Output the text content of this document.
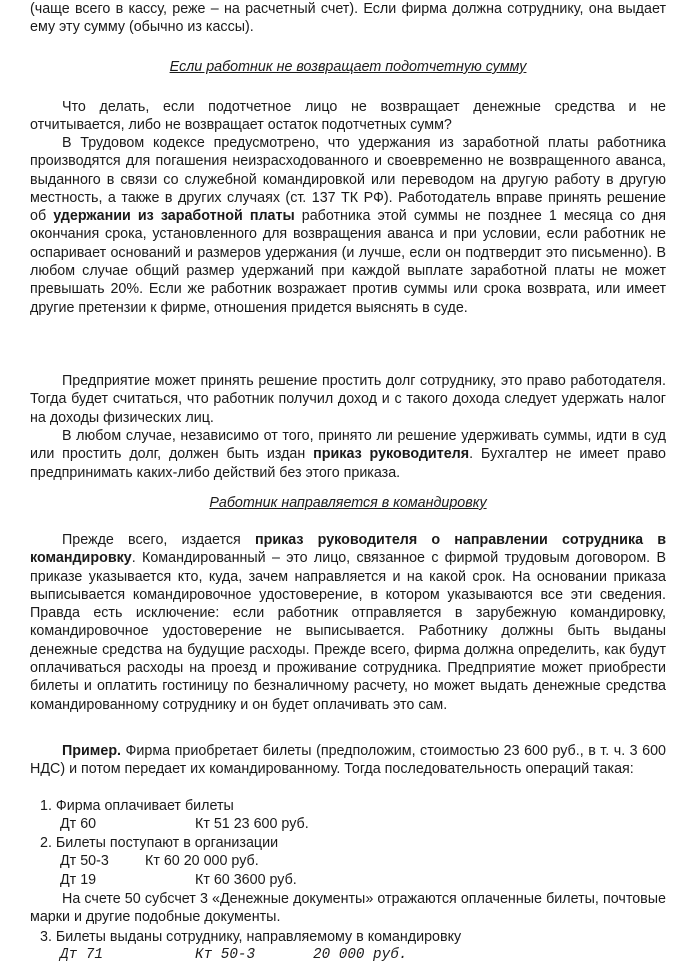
(чаще всего в кассу, реже – на расчетный счет). Если фирма должна сотруднику, она выдает ему эту сумму (обычно из кассы).

Если работник не возвращает подотчетную сумму

Что делать, если подотчетное лицо не возвращает денежные средства и не отчитывается, либо не возвращает остаток подотчетных сумм?

В Трудовом кодексе предусмотрено, что удержания из заработной платы работника производятся для погашения неизрасходованного и своевременно не возвращенного аванса, выданного в связи со служебной командировкой или переводом на другую работу в другую местность, а также в других случаях (ст. 137 ТК РФ). Работодатель вправе принять решение об удержании из заработной платы работника этой суммы не позднее 1 месяца со дня окончания срока, установленного для возвращения аванса и при условии, если работник не оспаривает оснований и размеров удержания (и лучше, если он подтвердит это письменно). В любом случае общий размер удержаний при каждой выплате заработной платы не может превышать 20%. Если же работник возражает против суммы или срока возврата, или имеет другие претензии к фирме, отношения придется выяснять в суде.

Предприятие может принять решение простить долг сотруднику, это право работодателя. Тогда будет считаться, что работник получил доход и с такого дохода следует удержать налог на доходы физических лиц.

В любом случае, независимо от того, принято ли решение удерживать суммы, идти в суд или простить долг, должен быть издан приказ руководителя. Бухгалтер не имеет право предпринимать каких-либо действий без этого приказа.

Работник направляется в командировку

Прежде всего, издается приказ руководителя о направлении сотрудника в командировку. Командированный – это лицо, связанное с фирмой трудовым договором. В приказе указывается кто, куда, зачем направляется и на какой срок. На основании приказа выписывается командировочное удостоверение, в котором указываются все эти сведения. Правда есть исключение: если работник отправляется в зарубежную командировку, командировочное удостоверение не выписывается. Работнику должны быть выданы денежные средства на будущие расходы. Прежде всего, фирма должна определить, как будут оплачиваться расходы на проезд и проживание сотрудника. Предприятие может приобрести билеты и оплатить гостиницу по безналичному расчету, но может выдать денежные средства командированному сотруднику и он будет оплачивать это сам.

Пример. Фирма приобретает билеты (предположим, стоимостью 23 600 руб., в т. ч. 3 600 НДС) и потом передает их командированному. Тогда последовательность операций такая:

1. Фирма оплачивает билеты
Дт 60	Кт 51 23 600 руб.
2. Билеты поступают в организации
Дт 50-3	Кт 60 20 000 руб.
Дт 19	Кт 60 3600 руб.

На счете 50 субсчет 3 «Денежные документы» отражаются оплаченные билеты, почтовые марки и другие подобные документы.

3. Билеты выданы сотруднику, направляемому в командировку
Дт 71	Кт 50-3	20 000 руб.
